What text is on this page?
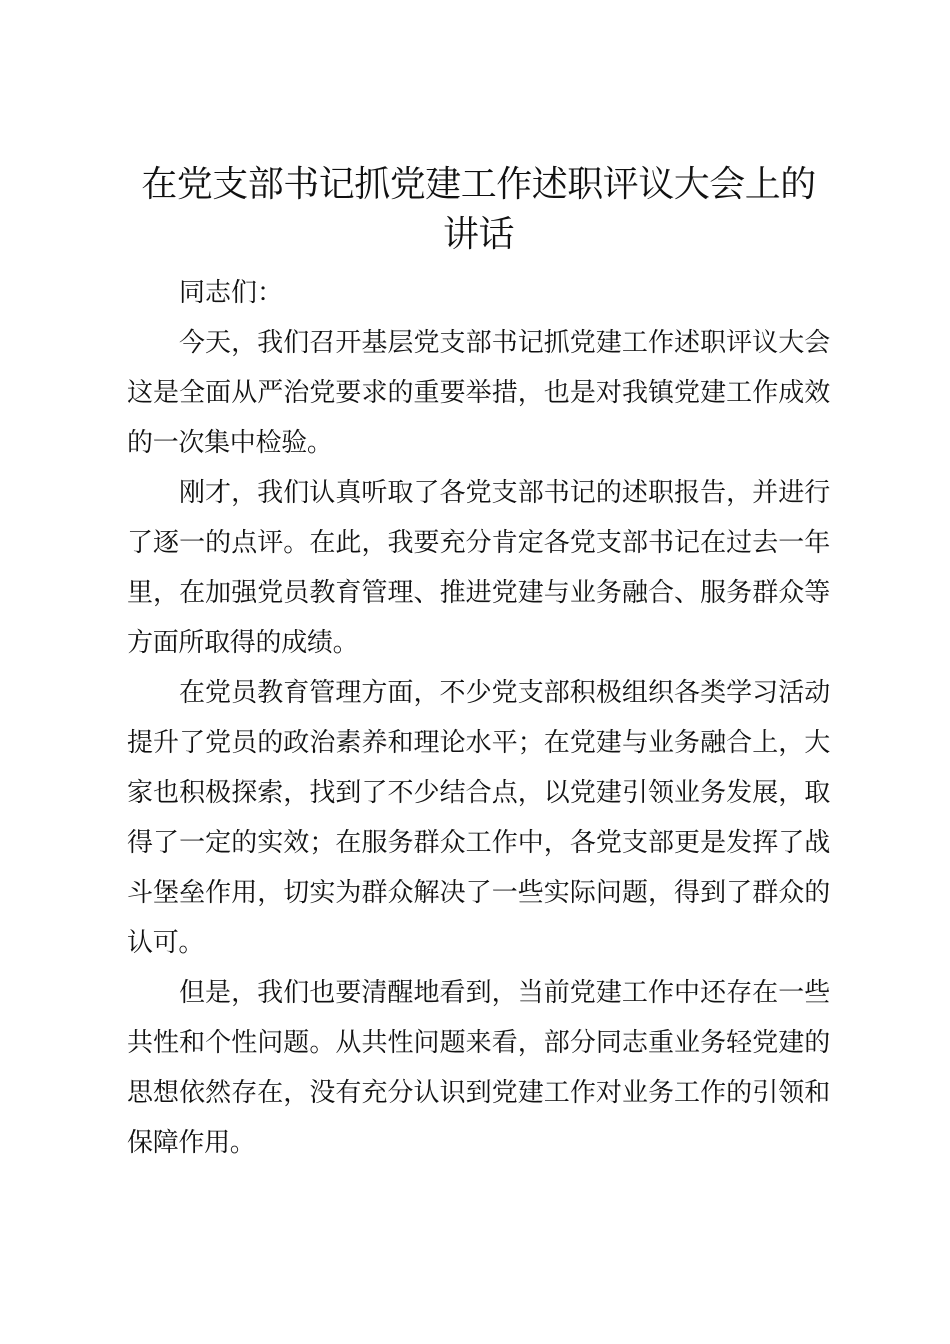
在党支部书记抓党建工作述职评议大会上的讲话

同志们：

今天，我们召开基层党支部书记抓党建工作述职评议大会这是全面从严治党要求的重要举措，也是对我镇党建工作成效的一次集中检验。

刚才，我们认真听取了各党支部书记的述职报告，并进行了逐一的点评。在此，我要充分肯定各党支部书记在过去一年里，在加强党员教育管理、推进党建与业务融合、服务群众等方面所取得的成绩。

在党员教育管理方面，不少党支部积极组织各类学习活动提升了党员的政治素养和理论水平；在党建与业务融合上，大家也积极探索，找到了不少结合点，以党建引领业务发展，取得了一定的实效；在服务群众工作中，各党支部更是发挥了战斗堡垒作用，切实为群众解决了一些实际问题，得到了群众的认可。

但是，我们也要清醒地看到，当前党建工作中还存在一些共性和个性问题。从共性问题来看，部分同志重业务轻党建的思想依然存在，没有充分认识到党建工作对业务工作的引领和保障作用。
